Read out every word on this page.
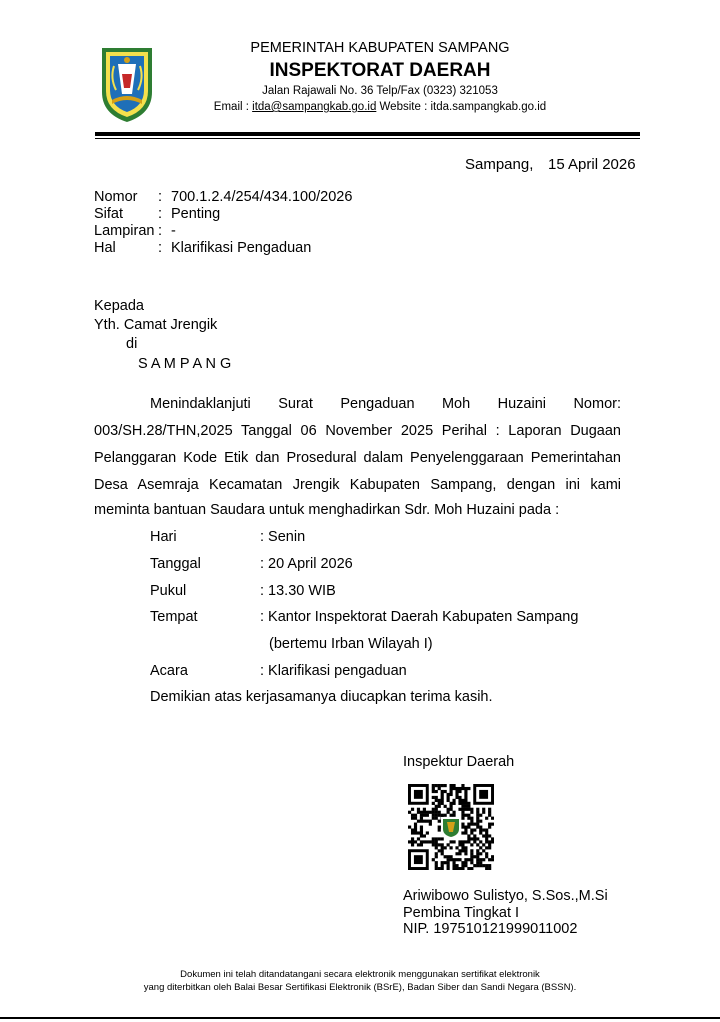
PEMERINTAH KABUPATEN SAMPANG
INSPEKTORAT DAERAH
Jalan Rajawali No. 36 Telp/Fax (0323) 321053
Email : itda@sampangkab.go.id Website : itda.sampangkab.go.id
Sampang, 15 April 2026
Nomor	: 700.1.2.4/254/434.100/2026
Sifat	: Penting
Lampiran : -
Hal	: Klarifikasi Pengaduan
Kepada
Yth. Camat Jrengik
di
S A M P A N G
Menindaklanjuti Surat Pengaduan Moh Huzaini Nomor:
003/SH.28/THN,2025 Tanggal 06 November 2025 Perihal : Laporan Dugaan
Pelanggaran Kode Etik dan Prosedural dalam Penyelenggaraan Pemerintahan
Desa Asemraja Kecamatan Jrengik Kabupaten Sampang, dengan ini kami
meminta bantuan Saudara untuk menghadirkan Sdr. Moh Huzaini pada :
Hari	: Senin
Tanggal	: 20 April 2026
Pukul	: 13.30 WIB
Tempat	: Kantor Inspektorat Daerah Kabupaten Sampang
(bertemu Irban Wilayah I)
Acara	: Klarifikasi pengaduan
Demikian atas kerjasamanya diucapkan terima kasih.
Inspektur Daerah
Ariwibowo Sulistyo, S.Sos.,M.Si
Pembina Tingkat I
NIP. 197510121999011002
Dokumen ini telah ditandatangani secara elektronik menggunakan sertifikat elektronik
yang diterbitkan oleh Balai Besar Sertifikasi Elektronik (BSrE), Badan Siber dan Sandi Negara (BSSN).
